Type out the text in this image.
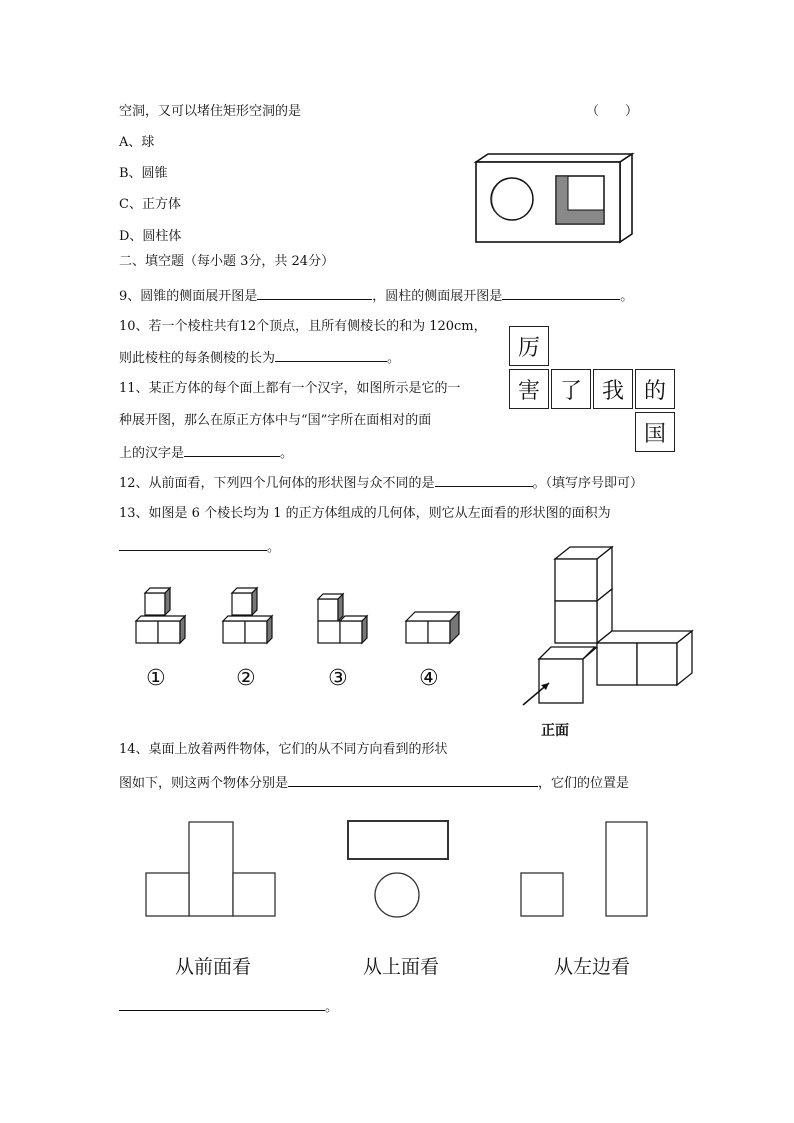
空洞，又可以堵住矩形空洞的是	（　　）
A、球
B、圆锥
C、正方体
D、圆柱体
二、填空题（每小题 3分，共 24分）
9、圆锥的侧面展开图是	，圆柱的侧面展开图是	。
10、若一个棱柱共有12个顶点，且所有侧棱长的和为 120cm，
则此棱柱的每条侧棱的长为	。
11、某正方体的每个面上都有一个汉字，如图所示是它的一
种展开图，那么在原正方体中与“国”字所在面相对的面
上的汉字是	。
厉
害 了 我 的
国
12、从前面看，下列四个几何体的形状图与众不同的是	。（填写序号即可）
13、如图是 6 个棱长均为 1 的正方体组成的几何体，则它从左面看的形状图的面积为
。
①	②	③	④
正面
14、桌面上放着两件物体，它们的从不同方向看到的形状
图如下，则这两个物体分别是	，它们的位置是
从前面看	从上面看	从左边看
。
